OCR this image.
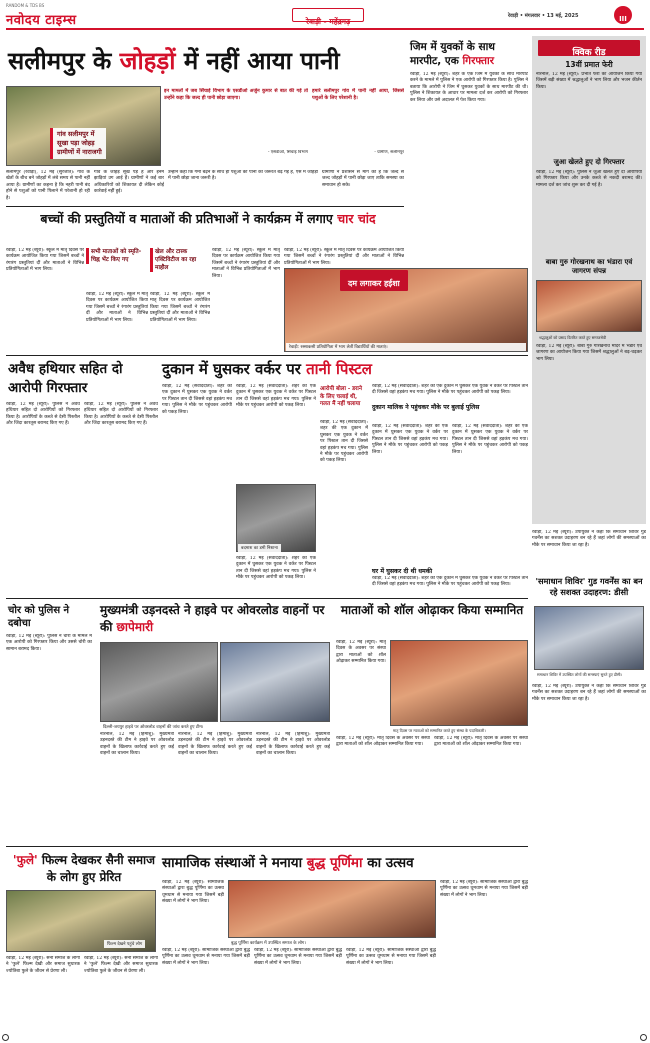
RANDOM & TDS BS
नवोदय टाइम्स	रेवाड़ी - महेंद्रगढ़
रेवाड़ी • मंगलवार • 13 मई, 2025	III
सलीमपुर के जोहड़ों में नहीं आया पानी
गांव सलीमपुर में
सूखा पड़ा जोहड़
ग्रामीणों में नाराजगी
इन मामलों में जब सिंचाई विभाग के एसडीओ अर्जुन कुमार से बात की गई तो उन्होंने कहा कि जल्द ही पानी छोड़ा जाएगा।
- एसडीओ, सिंचाई विभाग
हमारे सलीमपुर गांव में पानी नहीं आया, जिससे पशुओं के लिए परेशानी है।
- ग्रामीण, सलीमपुर
सलीमपुर (रेवाड़ी), 12 मई (सुरजीत): गांव के खेतों के बीच बने जोहड़ों में लंबे समय से पानी नहीं आया है। ग्रामीणों का कहना है कि नहरी पानी बंद होने से पशुओं को पानी पिलाने में परेशानी हो रही है।
गांव के जोहड़ सूखे पड़े हैं और इनमें झाड़ियां उग आई हैं। ग्रामीणों ने कई बार अधिकारियों को शिकायत दी लेकिन कोई कार्रवाई नहीं हुई।
उन्होंने कहा कि गर्मी बढ़ने के साथ ही पशुओं को पानी की जरूरत बढ़ गई है, ऐसे में जोहड़ों में पानी छोड़ा जाना जरूरी है।
ग्रामीणों ने प्रशासन से मांग की है कि जल्द से जल्द जोहड़ों में पानी छोड़ा जाए ताकि समस्या का समाधान हो सके।
जिम में युवकों के साथ मारपीट, एक गिरफ्तार
रेवाड़ी, 12 मई (ब्यूरो): शहर के एक जिम में युवकों के साथ मारपीट करने के मामले में पुलिस ने एक आरोपी को गिरफ्तार किया है। पुलिस ने बताया कि आरोपी ने जिम में घुसकर युवकों के साथ मारपीट की थी। पुलिस ने शिकायत के आधार पर मामला दर्ज कर आरोपी को गिरफ्तार कर लिया और उसे अदालत में पेश किया गया।
क्विक रीड
13वीं प्रमात फेरी
नारनौल, 12 मई (ब्यूरो): प्रभात फेरी का आयोजन किया गया जिसमें बड़ी संख्या में श्रद्धालुओं ने भाग लिया और भजन कीर्तन किया।
जुआ खेलते हुए दो गिरफ्तार
रेवाड़ी, 12 मई (ब्यूरो): पुलिस ने जुआ खेलते हुए दो आरोपियों को गिरफ्तार किया और उनके कब्जे से नकदी बरामद की। मामला दर्ज कर जांच शुरू कर दी गई है।
बाबा गुरु गोरखनाथ का भंडारा एवं जागरण संपन्न
श्रद्धालुओं को प्रसाद वितरित करते हुए समाजसेवी
रेवाड़ी, 12 मई (ब्यूरो): बाबा गुरु गोरखनाथ मंदिर में भंडारे एवं जागरण का आयोजन किया गया जिसमें श्रद्धालुओं ने बढ़-चढ़कर भाग लिया।
बच्चों की प्रस्तुतियों व माताओं की प्रतिभाओं ने कार्यक्रम में लगाए चार चांद
सभी माताओं को स्मृति-चिह्न भेंट किए गए
खेल और टास्क एक्टिविटीज का रहा माहौल
रेवाड़ी, 12 मई (ब्यूरो): स्कूल में मातृ दिवस पर कार्यक्रम आयोजित किया गया जिसमें बच्चों ने रंगारंग प्रस्तुतियां दीं और माताओं ने विभिन्न प्रतियोगिताओं में भाग लिया।
रेवाड़ी, 12 मई (ब्यूरो): स्कूल में मातृ दिवस पर कार्यक्रम आयोजित किया गया जिसमें बच्चों ने रंगारंग प्रस्तुतियां दीं और माताओं ने विभिन्न प्रतियोगिताओं में भाग लिया।
रेवाड़ी, 12 मई (ब्यूरो): स्कूल में मातृ दिवस पर कार्यक्रम आयोजित किया गया जिसमें बच्चों ने रंगारंग प्रस्तुतियां दीं और माताओं ने विभिन्न प्रतियोगिताओं में भाग लिया।
रेवाड़ी, 12 मई (ब्यूरो): स्कूल में मातृ दिवस पर कार्यक्रम आयोजित किया गया जिसमें बच्चों ने रंगारंग प्रस्तुतियां दीं और माताओं ने विभिन्न प्रतियोगिताओं में भाग लिया।
रेवाड़ी, 12 मई (ब्यूरो): स्कूल में मातृ दिवस पर कार्यक्रम आयोजित किया गया जिसमें बच्चों ने रंगारंग प्रस्तुतियां दीं और माताओं ने विभिन्न प्रतियोगिताओं में भाग लिया।
दम लगाकर हईशा
रेवाड़ी: रस्साकसी प्रतियोगिता में भाग लेतीं विद्यार्थियों की माताएं।
अवैध हथियार सहित दो आरोपी गिरफ्तार
रेवाड़ी, 12 मई (ब्यूरो): पुलिस ने अवैध हथियार सहित दो आरोपियों को गिरफ्तार किया है। आरोपियों के कब्जे से देसी पिस्तौल और जिंदा कारतूस बरामद किए गए हैं।
रेवाड़ी, 12 मई (ब्यूरो): पुलिस ने अवैध हथियार सहित दो आरोपियों को गिरफ्तार किया है। आरोपियों के कब्जे से देसी पिस्तौल और जिंदा कारतूस बरामद किए गए हैं।
दुकान में घुसकर वर्कर पर तानी पिस्टल
रेवाड़ी, 12 मई (संवाददाता): शहर की एक दुकान में घुसकर एक युवक ने वर्कर पर पिस्टल तान दी जिससे वहां हड़कंप मच गया। पुलिस ने मौके पर पहुंचकर आरोपी को पकड़ लिया।
रेवाड़ी, 12 मई (संवाददाता): शहर की एक दुकान में घुसकर एक युवक ने वर्कर पर पिस्टल तान दी जिससे वहां हड़कंप मच गया। पुलिस ने मौके पर पहुंचकर आरोपी को पकड़ लिया।
बदमाश का डमी निशाना
रेवाड़ी, 12 मई (संवाददाता): शहर की एक दुकान में घुसकर एक युवक ने वर्कर पर पिस्टल तान दी जिससे वहां हड़कंप मच गया। पुलिस ने मौके पर पहुंचकर आरोपी को पकड़ लिया।
आरोपी बोला - डराने के लिए चलाई थी, गलत मैं नहीं चलाया
रेवाड़ी, 12 मई (संवाददाता): शहर की एक दुकान में घुसकर एक युवक ने वर्कर पर पिस्टल तान दी जिससे वहां हड़कंप मच गया। पुलिस ने मौके पर पहुंचकर आरोपी को पकड़ लिया।
रेवाड़ी, 12 मई (संवाददाता): शहर की एक दुकान में घुसकर एक युवक ने वर्कर पर पिस्टल तान दी जिससे वहां हड़कंप मच गया। पुलिस ने मौके पर पहुंचकर आरोपी को पकड़ लिया।
दुकान मालिक ने पहुंचकर मौके पर बुलाई पुलिस
रेवाड़ी, 12 मई (संवाददाता): शहर की एक दुकान में घुसकर एक युवक ने वर्कर पर पिस्टल तान दी जिससे वहां हड़कंप मच गया। पुलिस ने मौके पर पहुंचकर आरोपी को पकड़ लिया।
रेवाड़ी, 12 मई (संवाददाता): शहर की एक दुकान में घुसकर एक युवक ने वर्कर पर पिस्टल तान दी जिससे वहां हड़कंप मच गया। पुलिस ने मौके पर पहुंचकर आरोपी को पकड़ लिया।
घर में घुसकर दी थी धमकी
रेवाड़ी, 12 मई (संवाददाता): शहर की एक दुकान में घुसकर एक युवक ने वर्कर पर पिस्टल तान दी जिससे वहां हड़कंप मच गया। पुलिस ने मौके पर पहुंचकर आरोपी को पकड़ लिया।
रेवाड़ी, 12 मई (ब्यूरो): उपायुक्त ने कहा कि समाधान शिविर गुड गवर्नेंस का सशक्त उदाहरण बन रहे हैं जहां लोगों की समस्याओं का मौके पर समाधान किया जा रहा है।
'समाधान शिविर' गुड गवर्नेंस का बन रहे सशक्त उदाहरण: डीसी
समाधान शिविर में उपस्थित लोगों की समस्याएं सुनते हुए डीसी।
रेवाड़ी, 12 मई (ब्यूरो): उपायुक्त ने कहा कि समाधान शिविर गुड गवर्नेंस का सशक्त उदाहरण बन रहे हैं जहां लोगों की समस्याओं का मौके पर समाधान किया जा रहा है।
चोर को पुलिस ने दबोचा
रेवाड़ी, 12 मई (ब्यूरो): पुलिस ने चोरी के मामले में एक आरोपी को गिरफ्तार किया और उससे चोरी का सामान बरामद किया।
मुख्यमंत्री उड़नदस्ते ने हाइवे पर ओवरलोड वाहनों पर की छापेमारी
दिल्ली-जयपुर हाइवे पर ओवरलोड वाहनों की जांच करते हुए टीम।
नारनौल, 12 मई (हिमांशु): मुख्यमंत्री उड़नदस्ते की टीम ने हाइवे पर ओवरलोड वाहनों के खिलाफ कार्रवाई करते हुए कई वाहनों का चालान किया।
नारनौल, 12 मई (हिमांशु): मुख्यमंत्री उड़नदस्ते की टीम ने हाइवे पर ओवरलोड वाहनों के खिलाफ कार्रवाई करते हुए कई वाहनों का चालान किया।
नारनौल, 12 मई (हिमांशु): मुख्यमंत्री उड़नदस्ते की टीम ने हाइवे पर ओवरलोड वाहनों के खिलाफ कार्रवाई करते हुए कई वाहनों का चालान किया।
माताओं को शॉल ओढ़ाकर किया सम्मानित
रेवाड़ी, 12 मई (ब्यूरो): मातृ दिवस के अवसर पर संस्था द्वारा माताओं को शॉल ओढ़ाकर सम्मानित किया गया।
मातृ दिवस पर माताओं को सम्मानित करते हुए संस्था के पदाधिकारी।
रेवाड़ी, 12 मई (ब्यूरो): मातृ दिवस के अवसर पर संस्था द्वारा माताओं को शॉल ओढ़ाकर सम्मानित किया गया।
रेवाड़ी, 12 मई (ब्यूरो): मातृ दिवस के अवसर पर संस्था द्वारा माताओं को शॉल ओढ़ाकर सम्मानित किया गया।
'फुले' फिल्म देखकर सैनी समाज के लोग हुए प्रेरित
फिल्म देखने पहुंचे लोग
रेवाड़ी, 12 मई (ब्यूरो): सैनी समाज के लोगों ने 'फुले' फिल्म देखी और समाज सुधारक ज्योतिबा फुले के जीवन से प्रेरणा ली।
रेवाड़ी, 12 मई (ब्यूरो): सैनी समाज के लोगों ने 'फुले' फिल्म देखी और समाज सुधारक ज्योतिबा फुले के जीवन से प्रेरणा ली।
सामाजिक संस्थाओं ने मनाया बुद्ध पूर्णिमा का उत्सव
रेवाड़ी, 12 मई (ब्यूरो): सामाजिक संस्थाओं द्वारा बुद्ध पूर्णिमा का उत्सव धूमधाम से मनाया गया जिसमें बड़ी संख्या में लोगों ने भाग लिया।
रेवाड़ी, 12 मई (ब्यूरो): सामाजिक संस्थाओं द्वारा बुद्ध पूर्णिमा का उत्सव धूमधाम से मनाया गया जिसमें बड़ी संख्या में लोगों ने भाग लिया।
बुद्ध पूर्णिमा कार्यक्रम में उपस्थित समाज के लोग।
रेवाड़ी, 12 मई (ब्यूरो): सामाजिक संस्थाओं द्वारा बुद्ध पूर्णिमा का उत्सव धूमधाम से मनाया गया जिसमें बड़ी संख्या में लोगों ने भाग लिया।
रेवाड़ी, 12 मई (ब्यूरो): सामाजिक संस्थाओं द्वारा बुद्ध पूर्णिमा का उत्सव धूमधाम से मनाया गया जिसमें बड़ी संख्या में लोगों ने भाग लिया।
रेवाड़ी, 12 मई (ब्यूरो): सामाजिक संस्थाओं द्वारा बुद्ध पूर्णिमा का उत्सव धूमधाम से मनाया गया जिसमें बड़ी संख्या में लोगों ने भाग लिया।
